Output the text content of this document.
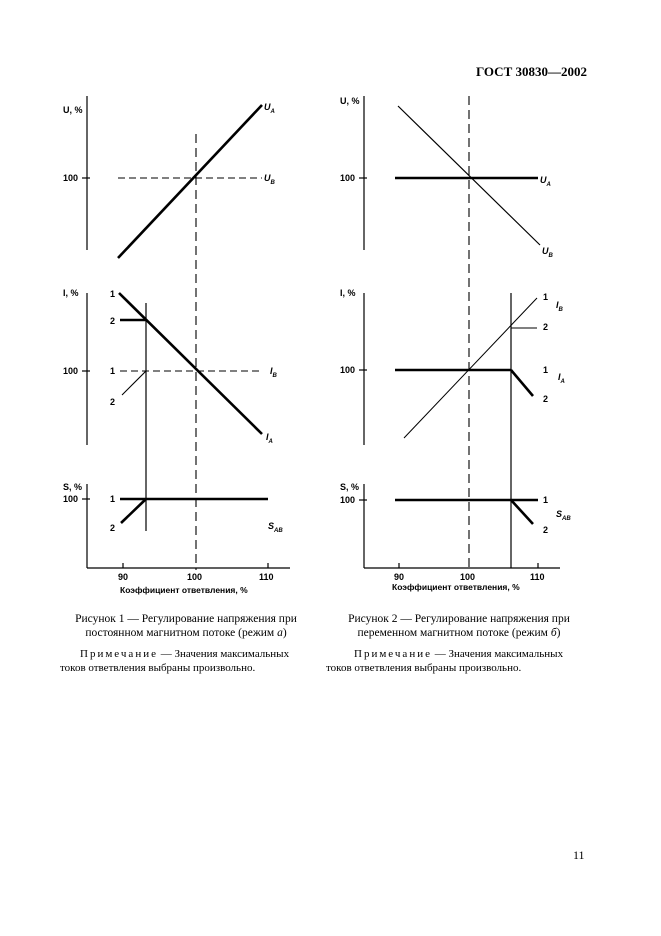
ГОСТ 30830—2002
U, %
100
$U_A$
$U_B$
I, %
100
1
2
1
2
$I_B$
$I_A$
S, %
100	1
2	$S_{AB}$
90	100	110
Коэффициент ответвления, %
U, %
100	$U_A$
$U_B$
I, %
100
1
2
1
2
$I_B$
$I_A$
S, %
100	1
2
$S_{AB}$
90	100	110
Коэффициент ответвления, %
Рисунок 1 — Регулирование напряжения при
постоянном магнитном потоке (режим а)
Рисунок 2 — Регулирование напряжения при
переменном магнитном потоке (режим б)
Примечание — Значения максимальных
токов ответвления выбраны произвольно.
Примечание — Значения максимальных
токов ответвления выбраны произвольно.
11
